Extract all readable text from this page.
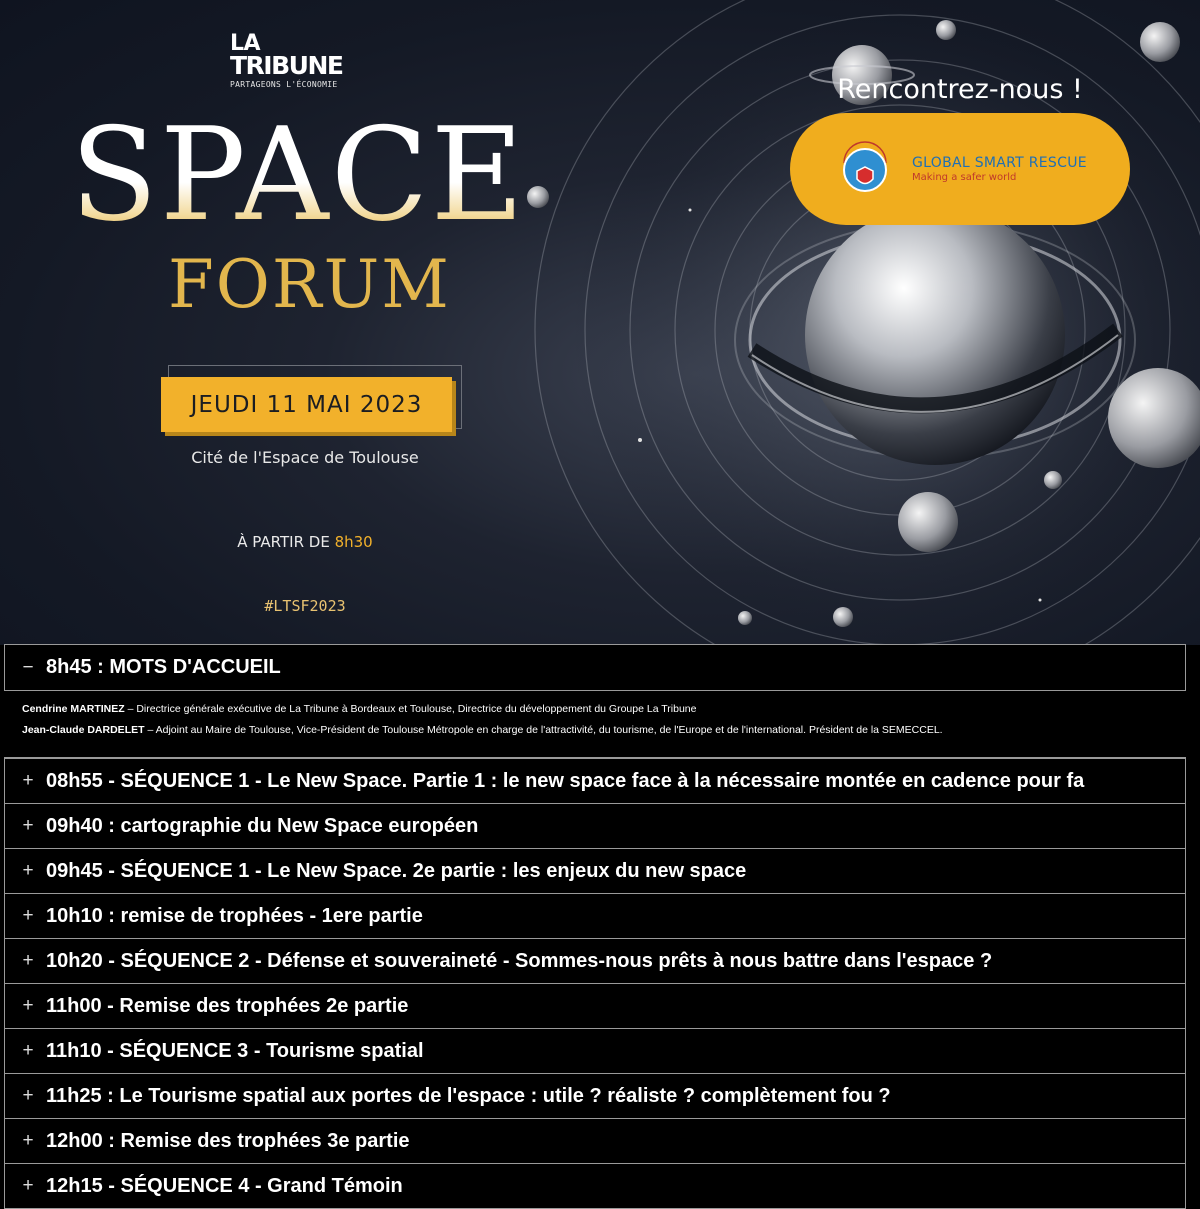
LA
TRIBUNE
PARTAGEONS L'ÉCONOMIE
SPACE
FORUM
JEUDI 11 MAI 2023
Cité de l'Espace de Toulouse
À PARTIR DE 8h30
#LTSF2023
Rencontrez-nous !
GLOBAL SMART RESCUE
Making a safer world
− 8h45 : MOTS D'ACCUEIL
Cendrine MARTINEZ – Directrice générale exécutive de La Tribune à Bordeaux et Toulouse, Directrice du développement du Groupe La Tribune
Jean-Claude DARDELET – Adjoint au Maire de Toulouse, Vice-Président de Toulouse Métropole en charge de l'attractivité, du tourisme, de l'Europe et de l'international. Président de la SEMECCEL.
+ 08h55 - SÉQUENCE 1 - Le New Space. Partie 1 : le new space face à la nécessaire montée en cadence pour fa
+ 09h40 : cartographie du New Space européen
+ 09h45 - SÉQUENCE 1 - Le New Space. 2e partie : les enjeux du new space
+ 10h10 : remise de trophées - 1ere partie
+ 10h20 - SÉQUENCE 2 - Défense et souveraineté - Sommes-nous prêts à nous battre dans l'espace ?
+ 11h00 - Remise des trophées 2e partie
+ 11h10 - SÉQUENCE 3 - Tourisme spatial
+ 11h25 : Le Tourisme spatial aux portes de l'espace : utile ? réaliste ? complètement fou ?
+ 12h00 : Remise des trophées 3e partie
+ 12h15 - SÉQUENCE 4 - Grand Témoin
